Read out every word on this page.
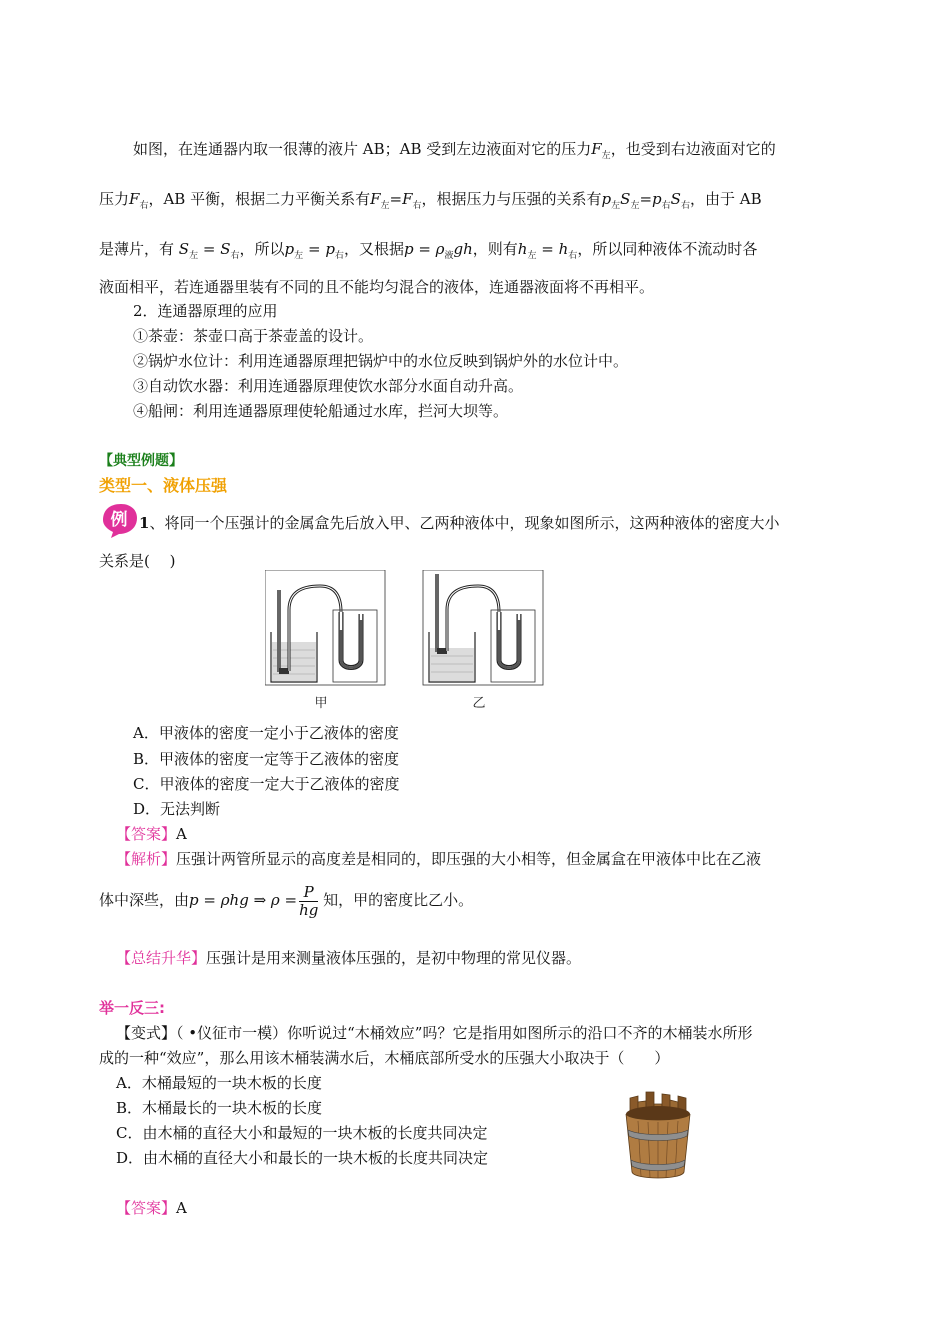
如图，在连通器内取一很薄的液片 AB；AB 受到左边液面对它的压力$F_左$，也受到右边液面对它的
压力$F_右$，AB 平衡，根据二力平衡关系有$F_左=F_右$，根据压力与压强的关系有$p_左S_左=p_右S_右$，由于 AB
是薄片，有 $S_左 = S_右$，所以$p_左 = p_右$，又根据$p = \rho_液gh$，则有$h_左 = h_右$，所以同种液体不流动时各
液面相平，若连通器里装有不同的且不能均匀混合的液体，连通器液面将不再相平。
2．连通器原理的应用
①茶壶：茶壶口高于茶壶盖的设计。
②锅炉水位计：利用连通器原理把锅炉中的水位反映到锅炉外的水位计中。
③自动饮水器：利用连通器原理使饮水部分水面自动升高。
④船闸：利用连通器原理使轮船通过水库，拦河大坝等。
【典型例题】
类型一、液体压强
例 1、将同一个压强计的金属盒先后放入甲、乙两种液体中，现象如图所示，这两种液体的密度大小
关系是(　 )
甲	乙
A．甲液体的密度一定小于乙液体的密度
B．甲液体的密度一定等于乙液体的密度
C．甲液体的密度一定大于乙液体的密度
D．无法判断
【答案】A
【解析】压强计两管所显示的高度差是相同的，即压强的大小相等，但金属盒在甲液体中比在乙液
体中深些，由p = ρhg ⇒ $\rho = \frac{P}{hg}$ 知，甲的密度比乙小。
【总结升华】压强计是用来测量液体压强的，是初中物理的常见仪器。
举一反三:
【变式】（ •仪征市一模）你听说过“木桶效应”吗？它是指用如图所示的沿口不齐的木桶装水所形
成的一种“效应”，那么用该木桶装满水后，木桶底部所受水的压强大小取决于（　　）
A．木桶最短的一块木板的长度
B．木桶最长的一块木板的长度
C．由木桶的直径大小和最短的一块木板的长度共同决定
D．由木桶的直径大小和最长的一块木板的长度共同决定
【答案】A
